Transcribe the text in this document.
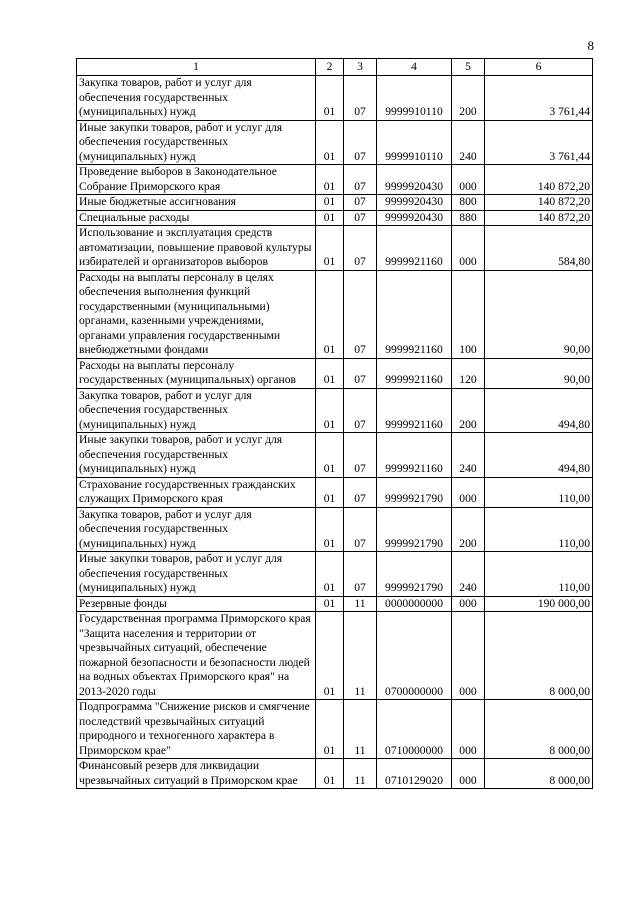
8
1	2	3	4	5	6
Закупка товаров, работ и услуг для обеспечения государственных (муниципальных) нужд	01	07	9999910110	200	3 761,44
Иные закупки товаров, работ и услуг для обеспечения государственных (муниципальных) нужд	01	07	9999910110	240	3 761,44
Проведение выборов в Законодательное Собрание Приморского края	01	07	9999920430	000	140 872,20
Иные бюджетные ассигнования	01	07	9999920430	800	140 872,20
Специальные расходы	01	07	9999920430	880	140 872,20
Использование и эксплуатация средств автоматизации, повышение правовой культуры избирателей и организаторов выборов	01	07	9999921160	000	584,80
Расходы на выплаты персоналу в целях обеспечения выполнения функций государственными (муниципальными) органами, казенными учреждениями, органами управления государственными внебюджетными фондами	01	07	9999921160	100	90,00
Расходы на выплаты персоналу государственных (муниципальных) органов	01	07	9999921160	120	90,00
Закупка товаров, работ и услуг для обеспечения государственных (муниципальных) нужд	01	07	9999921160	200	494,80
Иные закупки товаров, работ и услуг для обеспечения государственных (муниципальных) нужд	01	07	9999921160	240	494,80
Страхование государственных гражданских служащих Приморского края	01	07	9999921790	000	110,00
Закупка товаров, работ и услуг для обеспечения государственных (муниципальных) нужд	01	07	9999921790	200	110,00
Иные закупки товаров, работ и услуг для обеспечения государственных (муниципальных) нужд	01	07	9999921790	240	110,00
Резервные фонды	01	11	0000000000	000	190 000,00
Государственная программа Приморского края "Защита населения и территории от чрезвычайных ситуаций, обеспечение пожарной безопасности и безопасности людей на водных объектах Приморского края" на 2013-2020 годы	01	11	0700000000	000	8 000,00
Подпрограмма "Снижение рисков и смягчение последствий чрезвычайных ситуаций природного и техногенного характера в Приморском крае"	01	11	0710000000	000	8 000,00
Финансовый резерв для ликвидации чрезвычайных ситуаций в Приморском крае	01	11	0710129020	000	8 000,00
